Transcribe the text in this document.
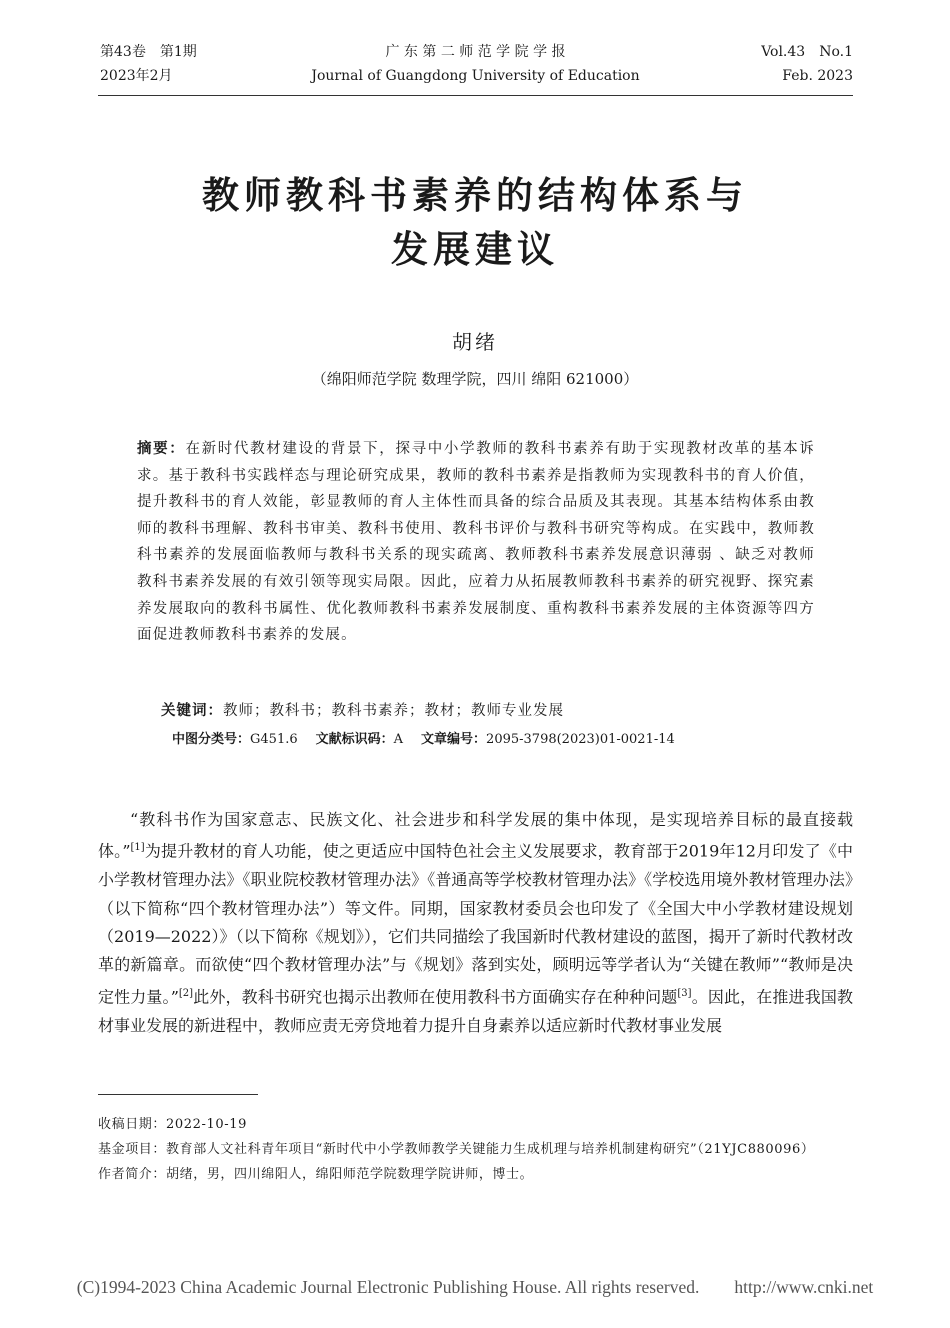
第43卷　第1期
2023年2月
广 东 第 二 师 范 学 院 学 报
Journal of Guangdong University of Education
Vol.43　No.1
Feb. 2023
教师教科书素养的结构体系与
发展建议
胡绪
（绵阳师范学院 数理学院，四川 绵阳 621000）
摘要：在新时代教材建设的背景下，探寻中小学教师的教科书素养有助于实现教材改革的基本诉求。基于教科书实践样态与理论研究成果，教师的教科书素养是指教师为实现教科书的育人价值，提升教科书的育人效能，彰显教师的育人主体性而具备的综合品质及其表现。其基本结构体系由教师的教科书理解、教科书审美、教科书使用、教科书评价与教科书研究等构成。在实践中，教师教科书素养的发展面临教师与教科书关系的现实疏离、教师教科书素养发展意识薄弱 、缺乏对教师教科书素养发展的有效引领等现实局限。因此，应着力从拓展教师教科书素养的研究视野、探究素养发展取向的教科书属性、优化教师教科书素养发展制度、重构教科书素养发展的主体资源等四方面促进教师教科书素养的发展。
关键词：教师；教科书；教科书素养；教材；教师专业发展
中图分类号：G451.6 文献标识码：A 文章编号：2095-3798(2023)01-0021-14

“教科书作为国家意志、民族文化、社会进步和科学发展的集中体现，是实现培养目标的最直接载体。”[1]为提升教材的育人功能，使之更适应中国特色社会主义发展要求，教育部于2019年12月印发了《中小学教材管理办法》《职业院校教材管理办法》《普通高等学校教材管理办法》《学校选用境外教材管理办法》（以下简称“四个教材管理办法”）等文件。同期，国家教材委员会也印发了《全国大中小学教材建设规划（2019—2022）》（以下简称《规划》），它们共同描绘了我国新时代教材建设的蓝图，揭开了新时代教材改革的新篇章。而欲使“四个教材管理办法”与《规划》落到实处，顾明远等学者认为“关键在教师”“教师是决定性力量。”[2]此外，教科书研究也揭示出教师在使用教科书方面确实存在种种问题[3]。因此，在推进我国教材事业发展的新进程中，教师应责无旁贷地着力提升自身素养以适应新时代教材事业发展

收稿日期： 2022-10-19
基金项目： 教育部人文社科青年项目“新时代中小学教师教学关键能力生成机理与培养机制建构研究”（21YJC880096）
作者简介： 胡绪，男，四川绵阳人，绵阳师范学院数理学院讲师，博士。
(C)1994-2023 China Academic Journal Electronic Publishing House. All rights reserved.　　http://www.cnki.net
